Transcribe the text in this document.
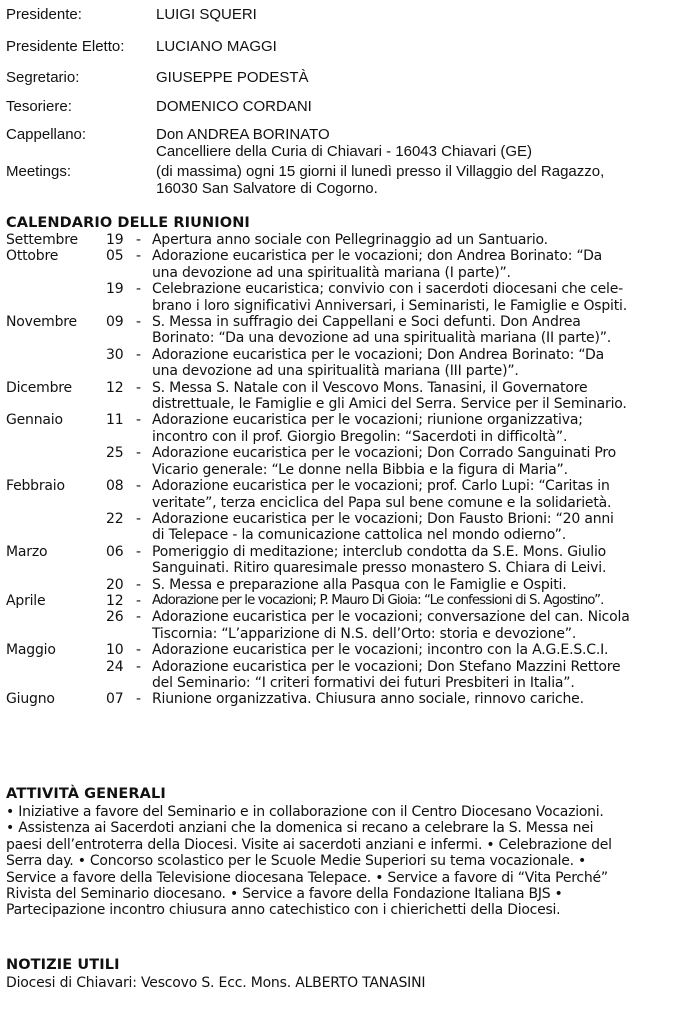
Presidente:	LUIGI SQUERI
Presidente Eletto:	LUCIANO MAGGI
Segretario:	GIUSEPPE PODESTÀ
Tesoriere:	DOMENICO CORDANI
Cappellano:	Don ANDREA BORINATO
Cancelliere della Curia di Chiavari - 16043 Chiavari (GE)
Meetings:	(di massima) ogni 15 giorni il lunedì presso il Villaggio del Ragazzo,
16030 San Salvatore di Cogorno.
CALENDARIO DELLE RIUNIONI
Settembre	19 - Apertura anno sociale con Pellegrinaggio ad un Santuario.
Ottobre	05 - Adorazione eucaristica per le vocazioni; don Andrea Borinato: “Da
una devozione ad una spiritualità mariana (I parte)”.
19 - Celebrazione eucaristica; convivio con i sacerdoti diocesani che cele-
brano i loro significativi Anniversari, i Seminaristi, le Famiglie e Ospiti.
Novembre	09 - S. Messa in suffragio dei Cappellani e Soci defunti. Don Andrea
Borinato: “Da una devozione ad una spiritualità mariana (II parte)”.
30 - Adorazione eucaristica per le vocazioni; Don Andrea Borinato: “Da
una devozione ad una spiritualità mariana (III parte)”.
Dicembre	12 - S. Messa S. Natale con il Vescovo Mons. Tanasini, il Governatore
distrettuale, le Famiglie e gli Amici del Serra. Service per il Seminario.
Gennaio	11 - Adorazione eucaristica per le vocazioni; riunione organizzativa;
incontro con il prof. Giorgio Bregolin: “Sacerdoti in difficoltà”.
25 - Adorazione eucaristica per le vocazioni; Don Corrado Sanguinati Pro
Vicario generale: “Le donne nella Bibbia e la figura di Maria”.
Febbraio	08 - Adorazione eucaristica per le vocazioni; prof. Carlo Lupi: “Caritas in
veritate”, terza enciclica del Papa sul bene comune e la solidarietà.
22 - Adorazione eucaristica per le vocazioni; Don Fausto Brioni: “20 anni
di Telepace - la comunicazione cattolica nel mondo odierno”.
Marzo	06 - Pomeriggio di meditazione; interclub condotta da S.E. Mons. Giulio
Sanguinati. Ritiro quaresimale presso monastero S. Chiara di Leivi.
20 - S. Messa e preparazione alla Pasqua con le Famiglie e Ospiti.
Aprile	12 - Adorazione per le vocazioni; P. Mauro Di Gioia: “Le confessioni di S. Agostino”.
26 - Adorazione eucaristica per le vocazioni; conversazione del can. Nicola
Tiscornia: “L’apparizione di N.S. dell’Orto: storia e devozione”.
Maggio	10 - Adorazione eucaristica per le vocazioni; incontro con la A.G.E.S.C.I.
24 - Adorazione eucaristica per le vocazioni; Don Stefano Mazzini Rettore
del Seminario: “I criteri formativi dei futuri Presbiteri in Italia”.
Giugno	07 - Riunione organizzativa. Chiusura anno sociale, rinnovo cariche.
ATTIVITÀ GENERALI
• Iniziative a favore del Seminario e in collaborazione con il Centro Diocesano Vocazioni.
• Assistenza ai Sacerdoti anziani che la domenica si recano a celebrare la S. Messa nei
paesi dell’entroterra della Diocesi. Visite ai sacerdoti anziani e infermi. • Celebrazione del
Serra day. • Concorso scolastico per le Scuole Medie Superiori su tema vocazionale. •
Service a favore della Televisione diocesana Telepace. • Service a favore di “Vita Perché”
Rivista del Seminario diocesano. • Service a favore della Fondazione Italiana BJS •
Partecipazione incontro chiusura anno catechistico con i chierichetti della Diocesi.
NOTIZIE UTILI
Diocesi di Chiavari: Vescovo S. Ecc. Mons. ALBERTO TANASINI
